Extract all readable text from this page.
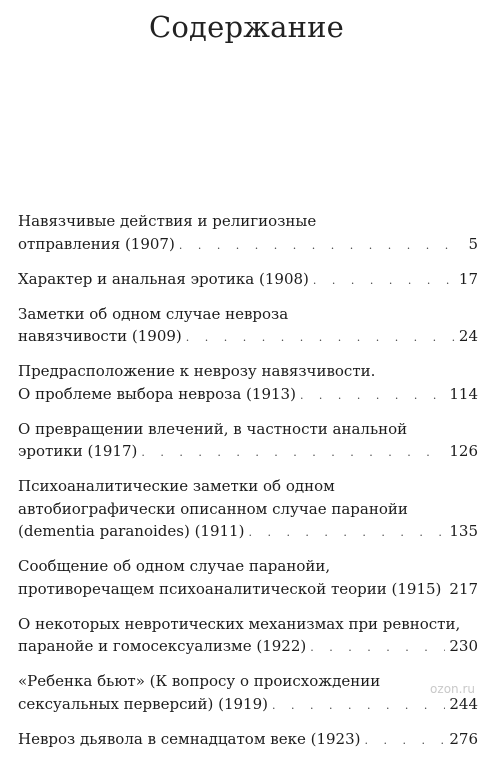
Содержание
Навязчивые действия и религиозные
отправления (1907) . . .	5
Характер и анальная эротика (1908) . . .	17
Заметки об одном случае невроза
навязчивости (1909) . . .	24
Предрасположение к неврозу навязчивости.
О проблеме выбора невроза (1913) . . .	114
О превращении влечений, в частности анальной
эротики (1917) . . .	126
Психоаналитические заметки об одном
автобиографически описанном случае паранойи
(dementia paranoides) (1911) . . .	135
Сообщение об одном случае паранойи,
противоречащем психоаналитической теории (1915) 217
О некоторых невротических механизмах при ревности,
паранойе и гомосексуализме (1922) . . .	230
«Ребенка бьют» (К вопросу о происхождении
сексуальных перверсий) (1919) . . .	244
Невроз дьявола в семнадцатом веке (1923) . . .	276
ozon.ru
